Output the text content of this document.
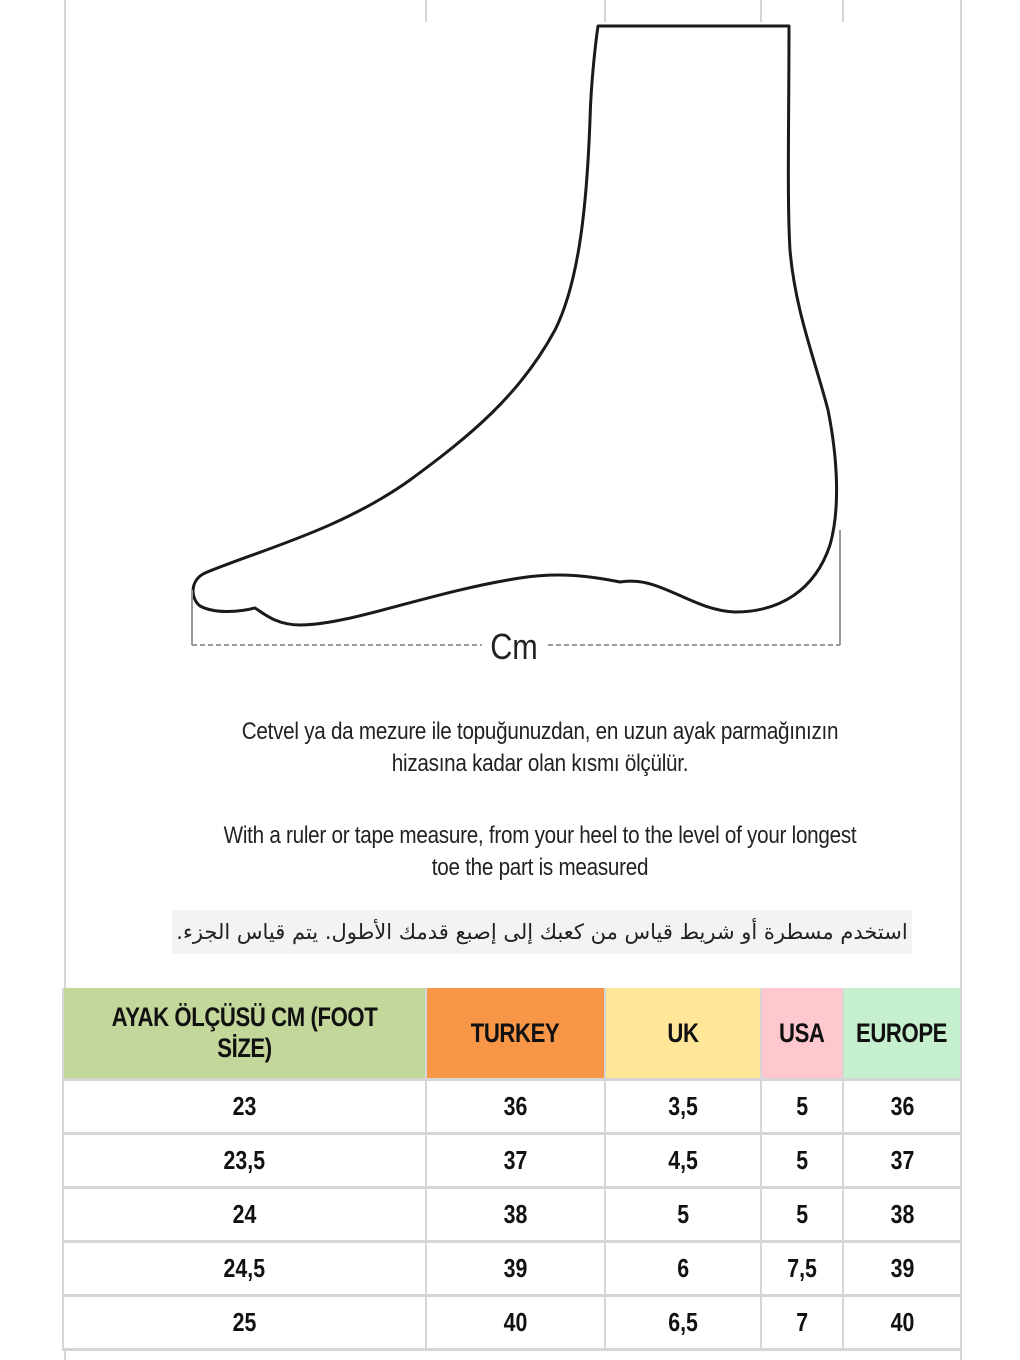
Cm
Cetvel ya da mezure ile topuğunuzdan, en uzun ayak parmağınızın hizasına kadar olan kısmı ölçülür.
With a ruler or tape measure, from your heel to the level of your longest toe the part is measured
استخدم مسطرة أو شريط قياس من كعبك إلى إصبع قدمك الأطول. يتم قياس الجزء.
AYAK ÖLÇÜSÜ CM (FOOT SİZE)	TURKEY	UK	USA	EUROPE
23	36	3,5	5	36
23,5	37	4,5	5	37
24	38	5	5	38
24,5	39	6	7,5	39
25	40	6,5	7	40
